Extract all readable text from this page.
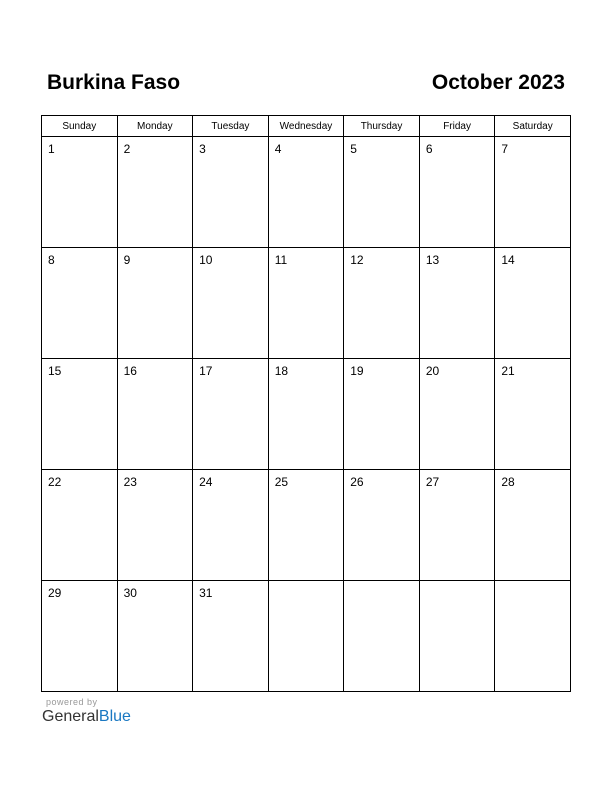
Burkina Faso	October 2023
Sunday	Monday	Tuesday	Wednesday	Thursday	Friday	Saturday

1	2	3	4	5	6	7

8	9	10	11	12	13	14

15	16	17	18	19	20	21

22	23	24	25	26	27	28

29	30	31				

powered by
GeneralBlue
